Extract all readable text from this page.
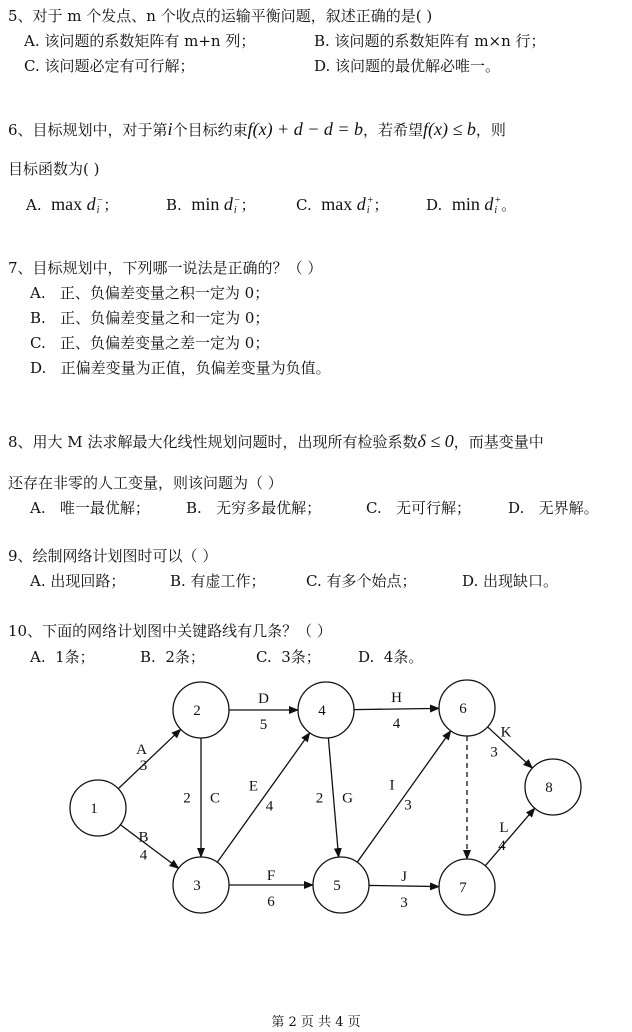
5、对于 m 个发点、n 个收点的运输平衡问题，叙述正确的是( )
A. 该问题的系数矩阵有 m+n 列；	B. 该问题的系数矩阵有 m×n 行；
C. 该问题必定有可行解；	D. 该问题的最优解必唯一。
6、目标规划中，对于第i个目标约束f(x) + d − d = b，若希望f(x) ≤ b，则
目标函数为( )
A. max d −
i ；	B. min d −
i ；	C. max d +
i ； D. min d +
i 。
7、目标规划中，下列哪一说法是正确的？（ ）
A.   正、负偏差变量之积一定为 0；
B.   正、负偏差变量之和一定为 0；
C.   正、负偏差变量之差一定为 0；
D.   正偏差变量为正值，负偏差变量为负值。
8、用大 M 法求解最大化线性规划问题时，出现所有检验系数δ ≤ 0，而基变量中
还存在非零的人工变量，则该问题为（ ）
A.   唯一最优解； B.   无穷多最优解；	C.   无可行解； D.   无界解。
9、绘制网络计划图时可以（ ）
A. 出现回路；	B. 有虚工作；	C. 有多个始点；	D. 出现缺口。
10、下面的网络计划图中关键路线有几条？（ ）
A.  1条；	B.  2条；	C.  3条； D.  4条。
A
3
B
4
C
2
D
5
E
4
F
6
G
2
H
4
I
3
J
3
K
3
L
4
1
2
3
4
5
6
7
8
第 2 页 共 4 页
